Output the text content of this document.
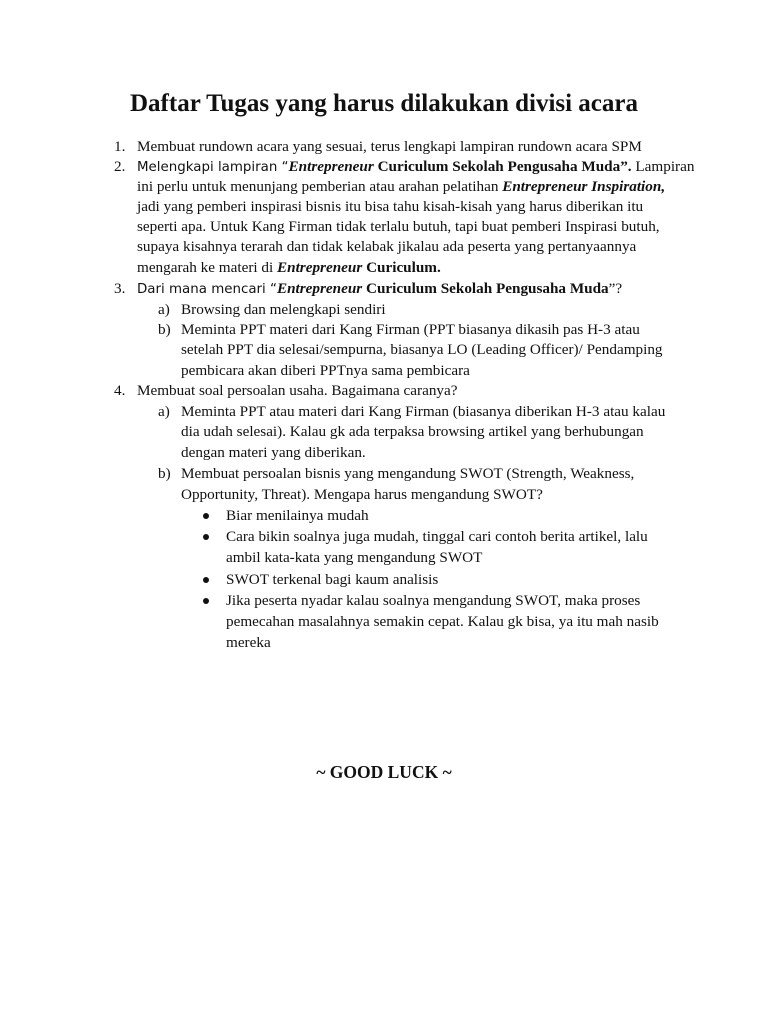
Daftar Tugas yang harus dilakukan divisi acara
1. Membuat rundown acara yang sesuai, terus lengkapi lampiran rundown acara SPM
2. Melengkapi lampiran “Entrepreneur Curiculum Sekolah Pengusaha Muda”. Lampiran
ini perlu untuk menunjang pemberian atau arahan pelatihan Entrepreneur Inspiration,
jadi yang pemberi inspirasi bisnis itu bisa tahu kisah-kisah yang harus diberikan itu
seperti apa. Untuk Kang Firman tidak terlalu butuh, tapi buat pemberi Inspirasi butuh,
supaya kisahnya terarah dan tidak kelabak jikalau ada peserta yang pertanyaannya
mengarah ke materi di Entrepreneur Curiculum.
3. Dari mana mencari “Entrepreneur Curiculum Sekolah Pengusaha Muda”?
a) Browsing dan melengkapi sendiri
b) Meminta PPT materi dari Kang Firman (PPT biasanya dikasih pas H-3 atau
setelah PPT dia selesai/sempurna, biasanya LO (Leading Officer)/ Pendamping
pembicara akan diberi PPTnya sama pembicara
4. Membuat soal persoalan usaha. Bagaimana caranya?
a) Meminta PPT atau materi dari Kang Firman (biasanya diberikan H-3 atau kalau
dia udah selesai). Kalau gk ada terpaksa browsing artikel yang berhubungan
dengan materi yang diberikan.
b) Membuat persoalan bisnis yang mengandung SWOT (Strength, Weakness,
Opportunity, Threat). Mengapa harus mengandung SWOT?
Biar menilainya mudah
Cara bikin soalnya juga mudah, tinggal cari contoh berita artikel, lalu
ambil kata-kata yang mengandung SWOT
SWOT terkenal bagi kaum analisis
Jika peserta nyadar kalau soalnya mengandung SWOT, maka proses
pemecahan masalahnya semakin cepat. Kalau gk bisa, ya itu mah nasib
mereka
~ GOOD LUCK ~
